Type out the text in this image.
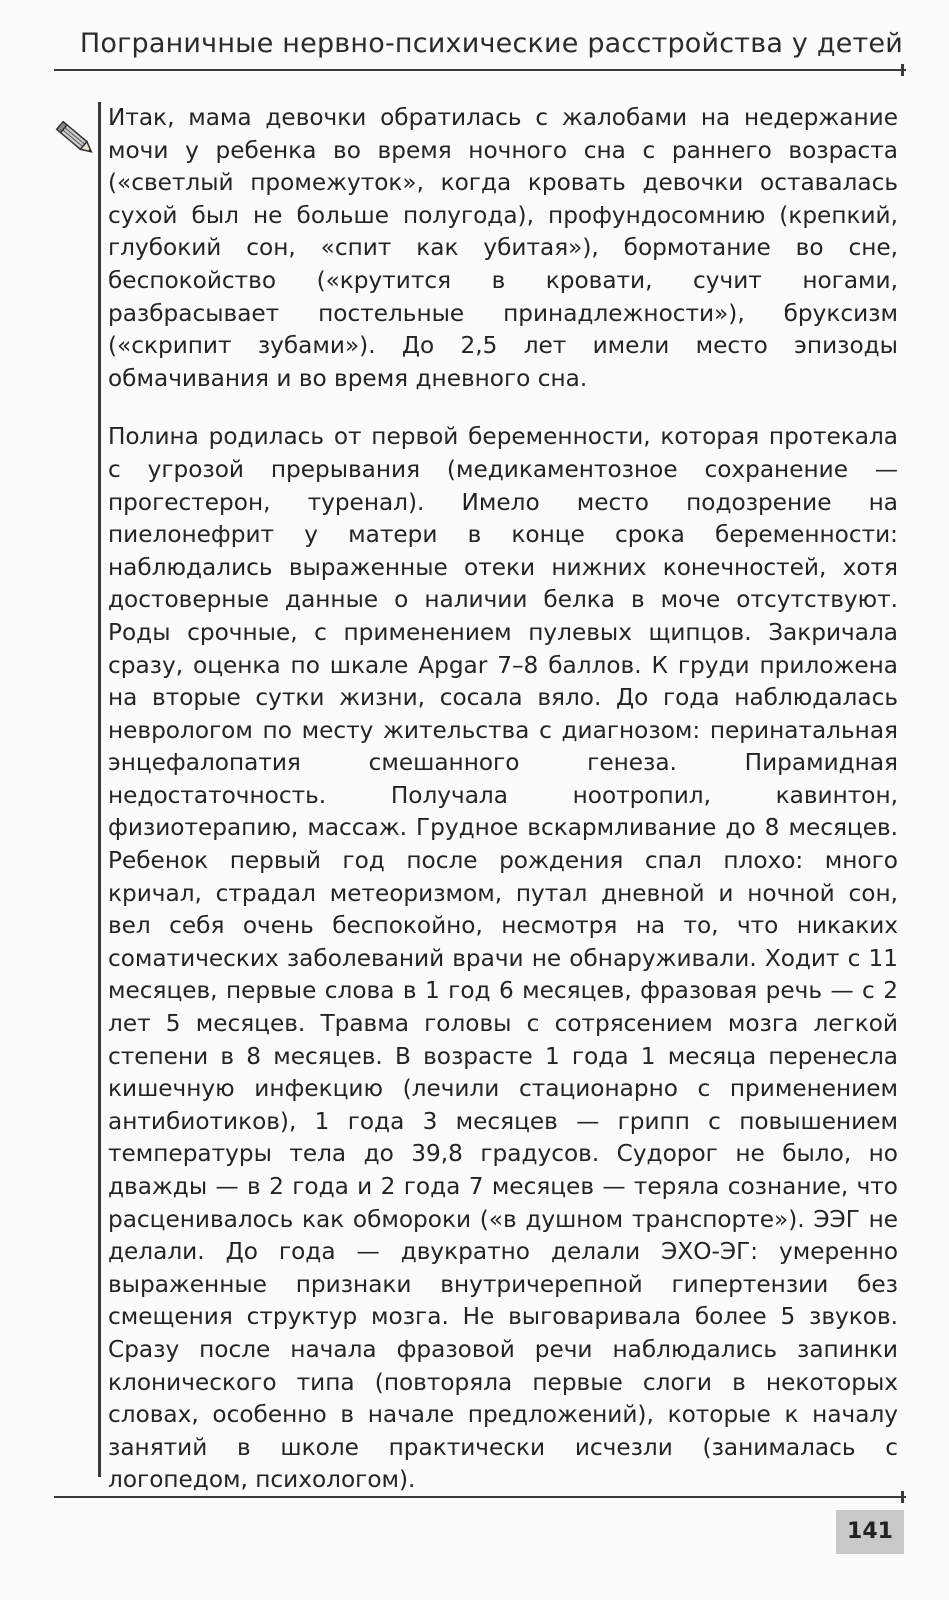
Пограничные нервно-психические расстройства у детей

Итак, мама девочки обратилась с жалобами на недержание мочи у ребенка во время ночного сна с раннего возраста («светлый промежуток», когда кровать девочки оставалась сухой был не больше полугода), профундосомнию (крепкий, глубокий сон, «спит как убитая»), бормотание во сне, беспокойство («крутится в кровати, сучит ногами, разбрасывает постельные принадлежности»), бруксизм («скрипит зубами»). До 2,5 лет имели место эпизоды обмачивания и во время дневного сна.

Полина родилась от первой беременности, которая протекала с угрозой прерывания (медикаментозное сохранение — прогестерон, туренал). Имело место подозрение на пиелонефрит у матери в конце срока беременности: наблюдались выраженные отеки нижних конечностей, хотя достоверные данные о наличии белка в моче отсутствуют. Роды срочные, с применением пулевых щипцов. Закричала сразу, оценка по шкале Apgar 7–8 баллов. К груди приложена на вторые сутки жизни, сосала вяло. До года наблюдалась неврологом по месту жительства с диагнозом: перинатальная энцефалопатия смешанного генеза. Пирамидная недостаточность. Получала ноотропил, кавинтон, физиотерапию, массаж. Грудное вскармливание до 8 месяцев. Ребенок первый год после рождения спал плохо: много кричал, страдал метеоризмом, путал дневной и ночной сон, вел себя очень беспокойно, несмотря на то, что никаких соматических заболеваний врачи не обнаруживали. Ходит с 11 месяцев, первые слова в 1 год 6 месяцев, фразовая речь — с 2 лет 5 месяцев. Травма головы с сотрясением мозга легкой степени в 8 месяцев. В возрасте 1 года 1 месяца перенесла кишечную инфекцию (лечили стационарно с применением антибиотиков), 1 года 3 месяцев — грипп с повышением температуры тела до 39,8 градусов. Судорог не было, но дважды — в 2 года и 2 года 7 месяцев — теряла сознание, что расценивалось как обмороки («в душном транспорте»). ЭЭГ не делали. До года — двукратно делали ЭХО-ЭГ: умеренно выраженные признаки внутричерепной гипертензии без смещения структур мозга. Не выговаривала более 5 звуков. Сразу после начала фразовой речи наблюдались запинки клонического типа (повторяла первые слоги в некоторых словах, особенно в начале предложений), которые к началу занятий в школе практически исчезли (занималась с логопедом, психологом).

141
